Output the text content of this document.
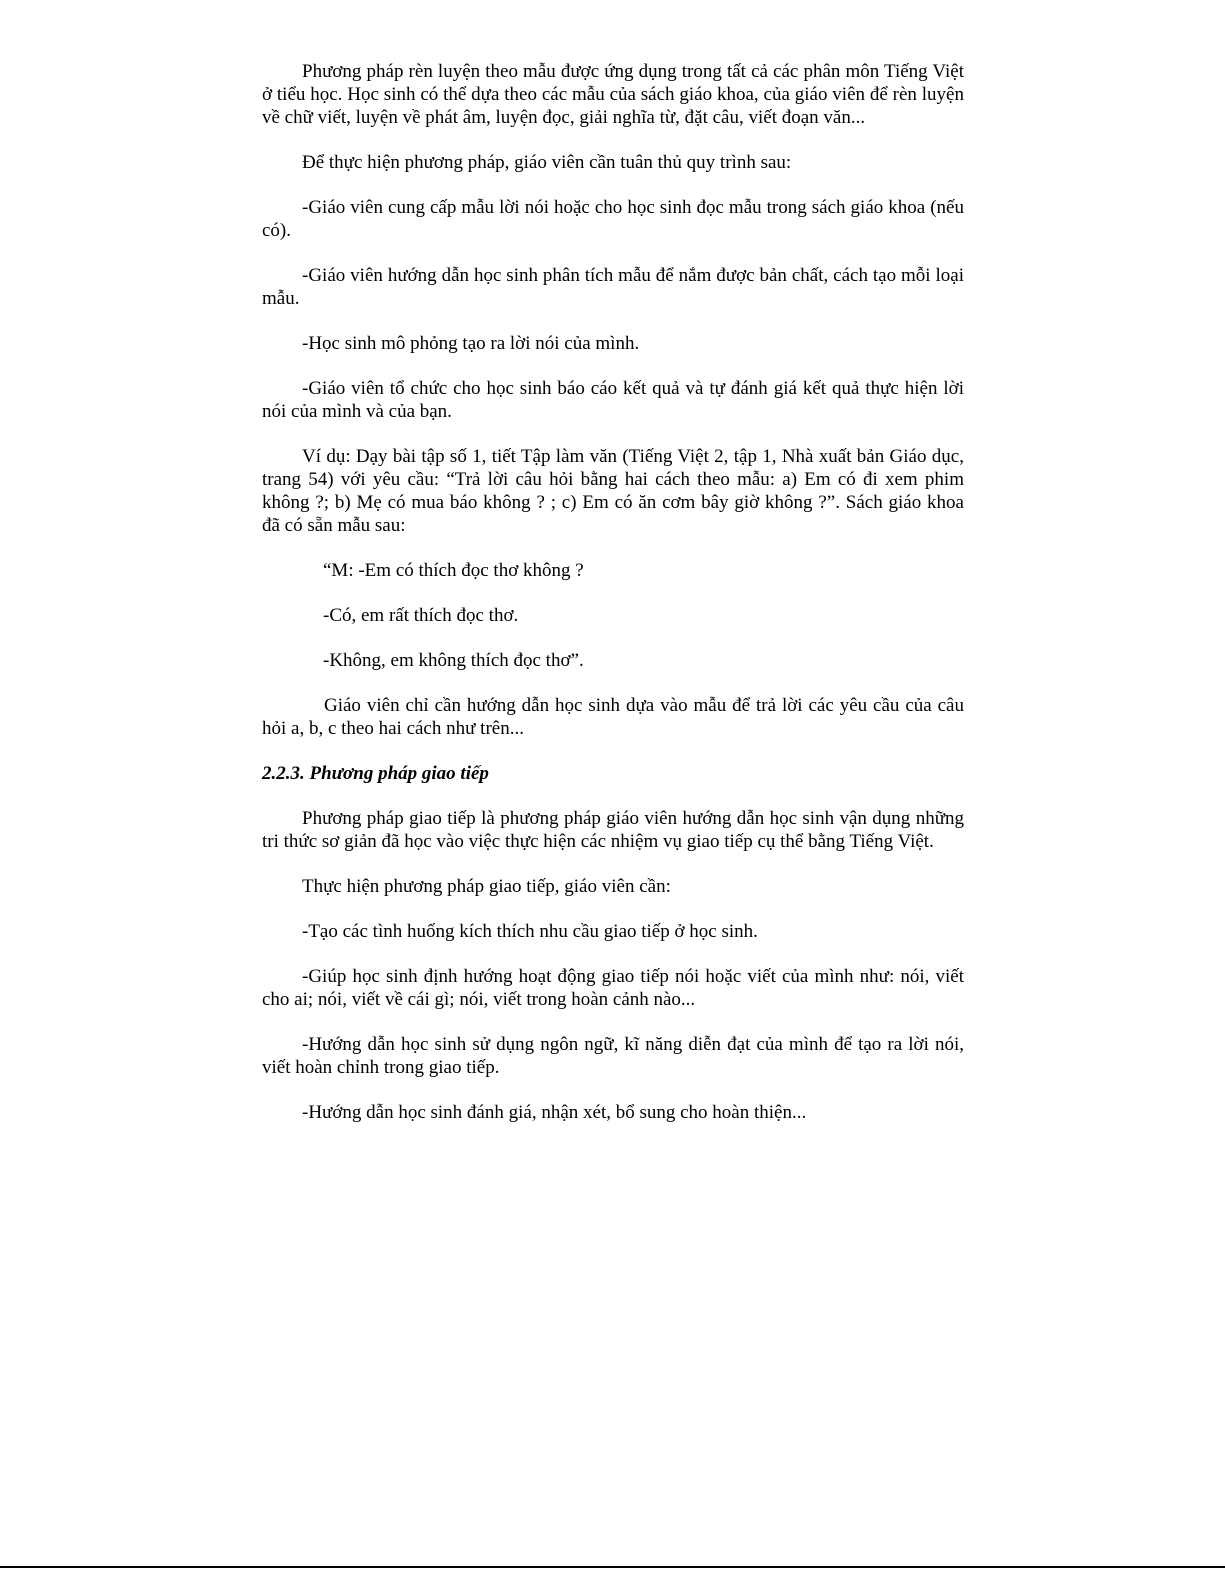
Phương pháp rèn luyện theo mẫu được ứng dụng trong tất cả các phân môn Tiếng Việt ở tiểu học. Học sinh có thể dựa theo các mẫu của sách giáo khoa, của giáo viên để rèn luyện về chữ viết, luyện về phát âm, luyện đọc, giải nghĩa từ, đặt câu, viết đoạn văn...

Để thực hiện phương pháp, giáo viên cần tuân thủ quy trình sau:

-Giáo viên cung cấp mẫu lời nói hoặc cho học sinh đọc mẫu trong sách giáo khoa (nếu có).

-Giáo viên hướng dẫn học sinh phân tích mẫu để nắm được bản chất, cách tạo mỗi loại mẫu.

-Học sinh mô phỏng tạo ra lời nói của mình.

-Giáo viên tổ chức cho học sinh báo cáo kết quả và tự đánh giá kết quả thực hiện lời nói của mình và của bạn.

Ví dụ: Dạy bài tập số 1, tiết Tập làm văn (Tiếng Việt 2, tập 1, Nhà xuất bản Giáo dục, trang 54) với yêu cầu: “Trả lời câu hỏi bằng hai cách theo mẫu: a) Em có đi xem phim không ?; b) Mẹ có mua báo không ? ; c) Em có ăn cơm bây giờ không ?”. Sách giáo khoa đã có sẵn mẫu sau:

“M: -Em có thích đọc thơ không ?

-Có, em rất thích đọc thơ.

-Không, em không thích đọc thơ”.

Giáo viên chỉ cần hướng dẫn học sinh dựa vào mẫu để trả lời các yêu cầu của câu hỏi a, b, c theo hai cách như trên...

2.2.3. Phương pháp giao tiếp

Phương pháp giao tiếp là phương pháp giáo viên hướng dẫn học sinh vận dụng những tri thức sơ giản đã học vào việc thực hiện các nhiệm vụ giao tiếp cụ thể bằng Tiếng Việt.

Thực hiện phương pháp giao tiếp, giáo viên cần:

-Tạo các tình huống kích thích nhu cầu giao tiếp ở học sinh.

-Giúp học sinh định hướng hoạt động giao tiếp nói hoặc viết của mình như: nói, viết cho ai; nói, viết về cái gì; nói, viết trong hoàn cảnh nào...

-Hướng dẫn học sinh sử dụng ngôn ngữ, kĩ năng diễn đạt của mình để tạo ra lời nói, viết hoàn chỉnh trong giao tiếp.

-Hướng dẫn học sinh đánh giá, nhận xét, bổ sung cho hoàn thiện...
